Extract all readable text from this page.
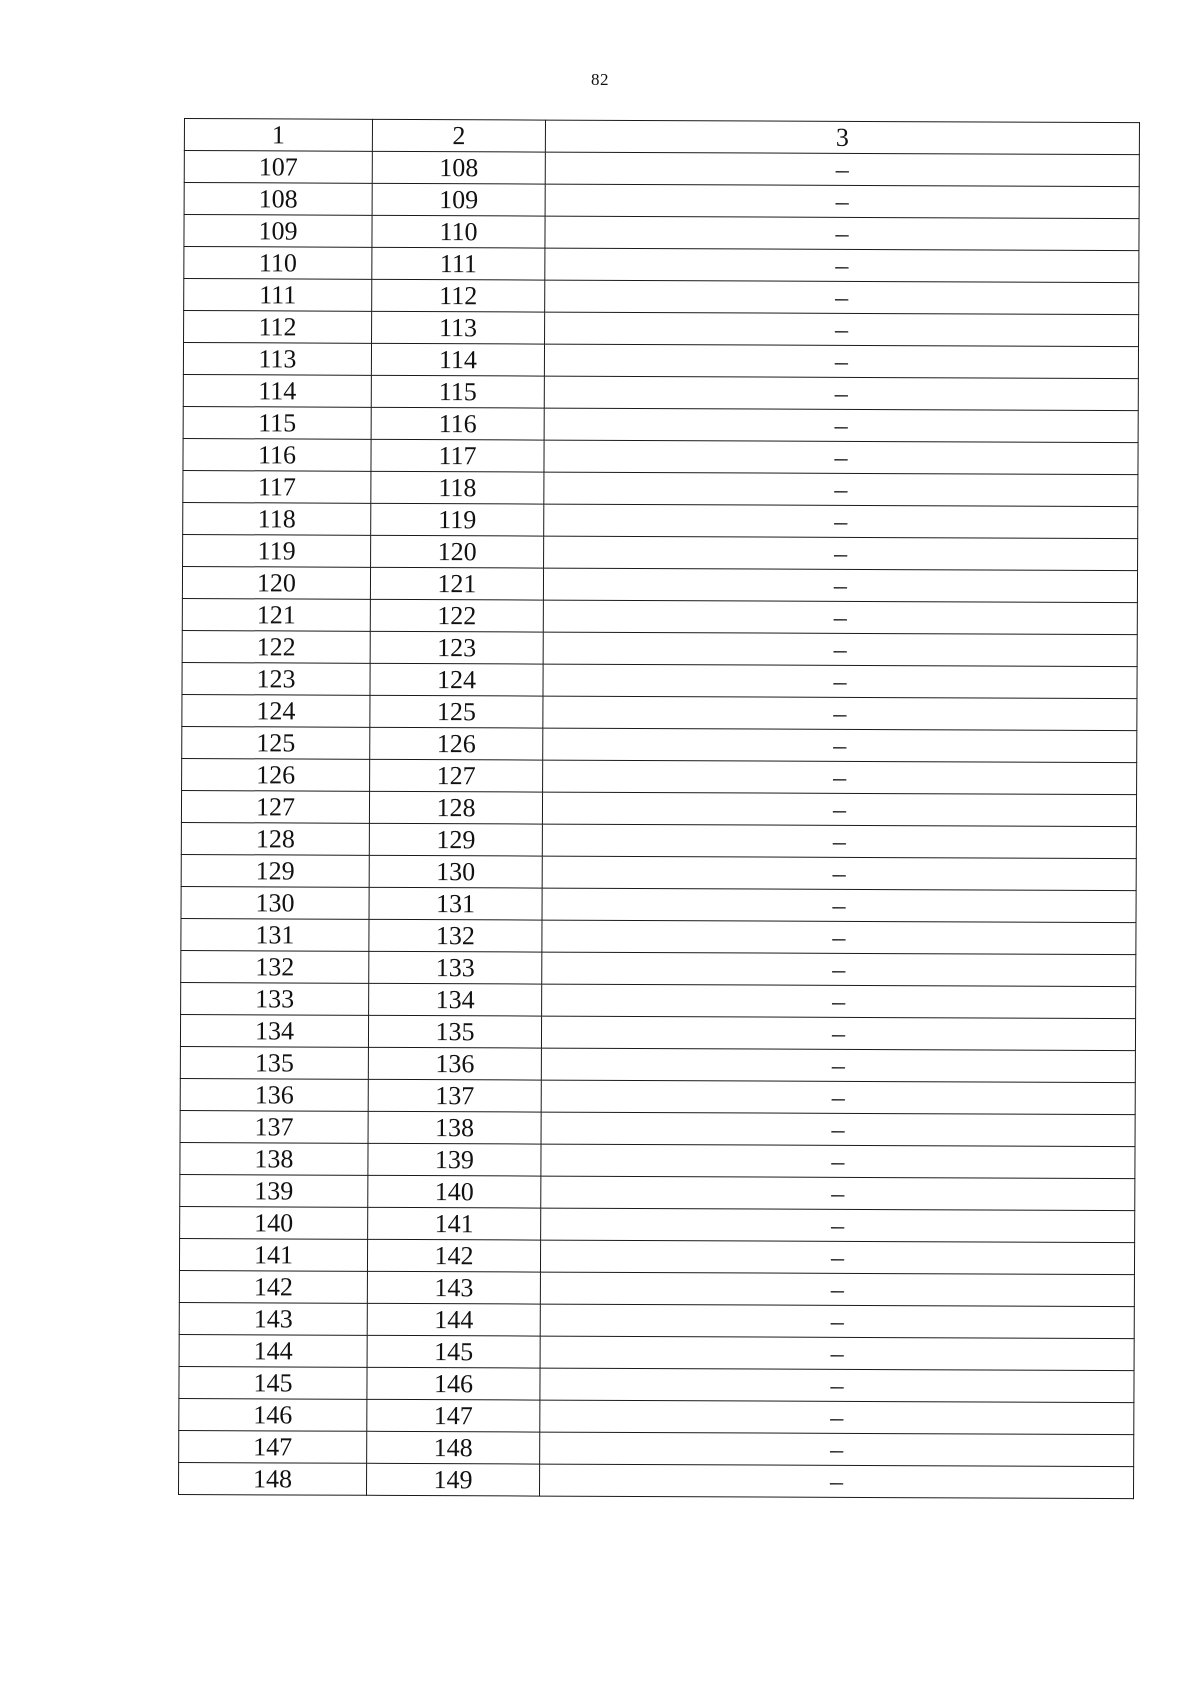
82
1	2	3
107	108	–
108	109	–
109	110	–
110	111	–
111	112	–
112	113	–
113	114	–
114	115	–
115	116	–
116	117	–
117	118	–
118	119	–
119	120	–
120	121	–
121	122	–
122	123	–
123	124	–
124	125	–
125	126	–
126	127	–
127	128	–
128	129	–
129	130	–
130	131	–
131	132	–
132	133	–
133	134	–
134	135	–
135	136	–
136	137	–
137	138	–
138	139	–
139	140	–
140	141	–
141	142	–
142	143	–
143	144	–
144	145	–
145	146	–
146	147	–
147	148	–
148	149	–
